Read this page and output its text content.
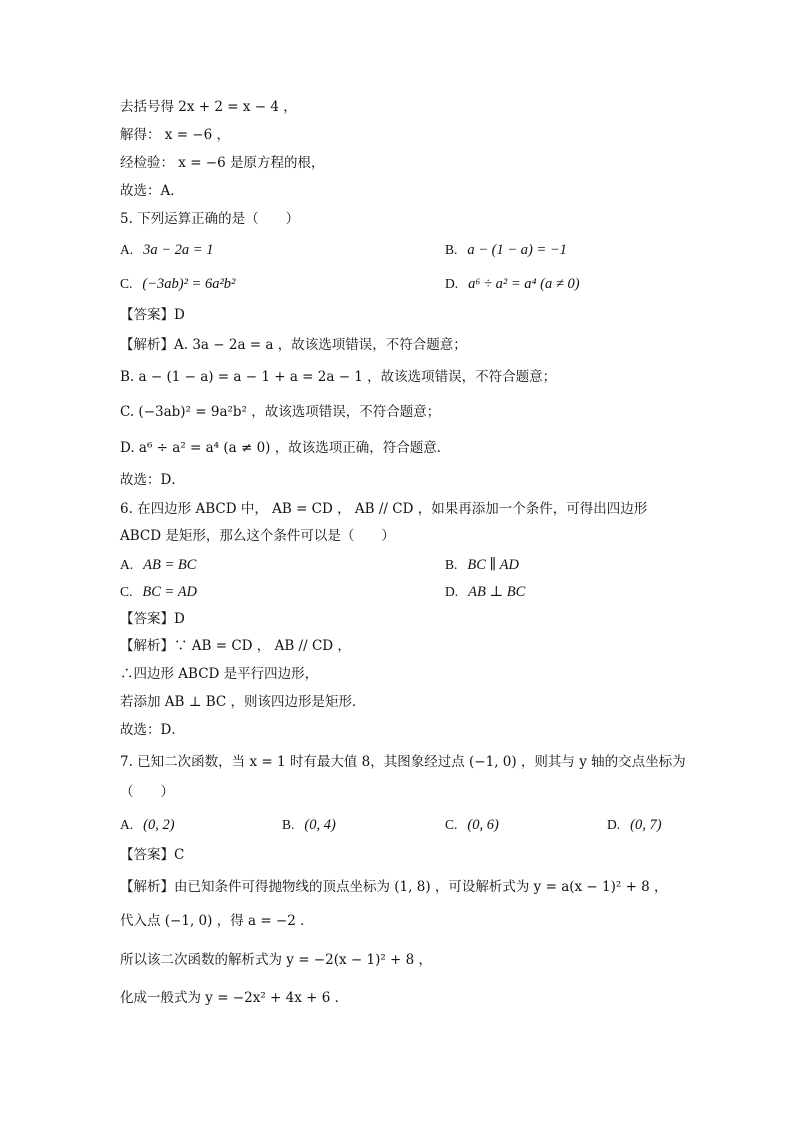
去括号得 2x + 2 = x − 4 ，
解得： x = −6 ，
经检验： x = −6 是原方程的根，
故选：A．
5. 下列运算正确的是（　　）
A. 3a − 2a = 1	B. a − (1 − a) = −1
C. (−3ab)² = 6a²b²	D. a⁶ ÷ a² = a⁴ (a ≠ 0)
【答案】D
【解析】A. 3a − 2a = a ，故该选项错误，不符合题意；
B. a − (1 − a) = a − 1 + a = 2a − 1 ，故该选项错误，不符合题意；
C. (−3ab)² = 9a²b² ，故该选项错误，不符合题意；
D. a⁶ ÷ a² = a⁴ (a ≠ 0) ，故该选项正确，符合题意．
故选：D．
6. 在四边形 ABCD 中， AB = CD ， AB // CD ，如果再添加一个条件，可得出四边形
ABCD 是矩形，那么这个条件可以是（　　）
A. AB = BC	B. BC ∥ AD
C. BC = AD	D. AB ⊥ BC
【答案】D
【解析】∵ AB = CD ， AB // CD ，
∴四边形 ABCD 是平行四边形，
若添加 AB ⊥ BC ，则该四边形是矩形．
故选：D．
7. 已知二次函数，当 x = 1 时有最大值 8，其图象经过点 (−1, 0) ，则其与 y 轴的交点坐标为
（　　）
A. (0, 2)	B. (0, 4)	C. (0, 6)	D. (0, 7)
【答案】C
【解析】由已知条件可得抛物线的顶点坐标为 (1, 8) ，可设解析式为 y = a(x − 1)² + 8 ，
代入点 (−1, 0) ，得 a = −2 ．
所以该二次函数的解析式为 y = −2(x − 1)² + 8 ，
化成一般式为 y = −2x² + 4x + 6 ．
